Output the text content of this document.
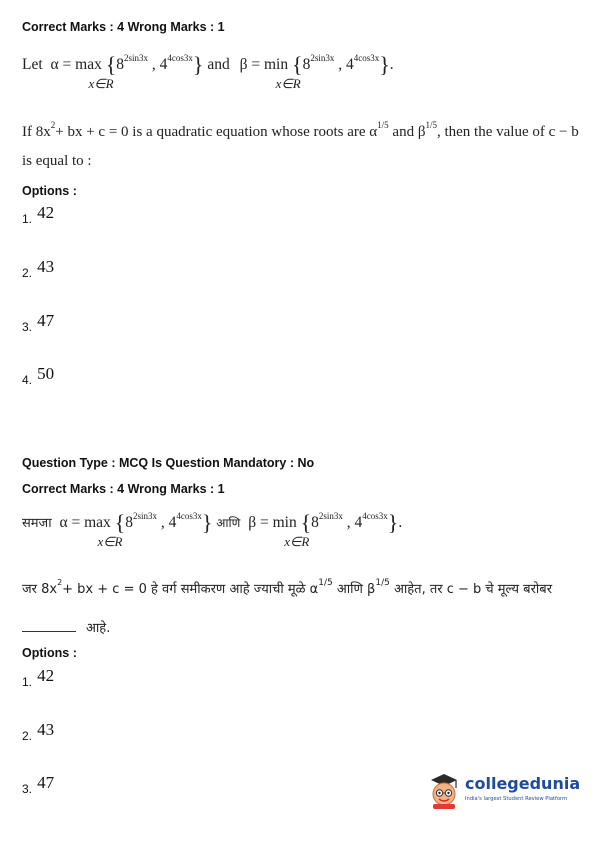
Correct Marks : 4 Wrong Marks : 1
Let α = max
x∈R
{$8^{2sin3x}$ , $4^{4cos3x}$} and β = min
x∈R
{$8^{2sin3x}$ , $4^{4cos3x}$}.
If $8x^2+$ bx + c = 0 is a quadratic equation whose roots are $\alpha^{1/5}$ and $\beta^{1/5}$, then the value of c − b
is equal to :
Options :
1. 42
2. 43
3. 47
4. 50
Question Type : MCQ Is Question Mandatory : No
Correct Marks : 4 Wrong Marks : 1
समजा α = max
x∈R
{$8^{2sin3x}$ , $4^{4cos3x}$} आणि β = min
x∈R
{$8^{2sin3x}$ , $4^{4cos3x}$}.
जर $8x^2+$ bx + c = 0 हे वर्ग समीकरण आहे ज्याची मूळे $\alpha^{1/5}$ आणि $\beta^{1/5}$ आहेत, तर c − b चे मूल्य बरोबर
आहे.
Options :
1. 42
2. 43
3. 47	collegedunia
India's largest Student Review Platform
